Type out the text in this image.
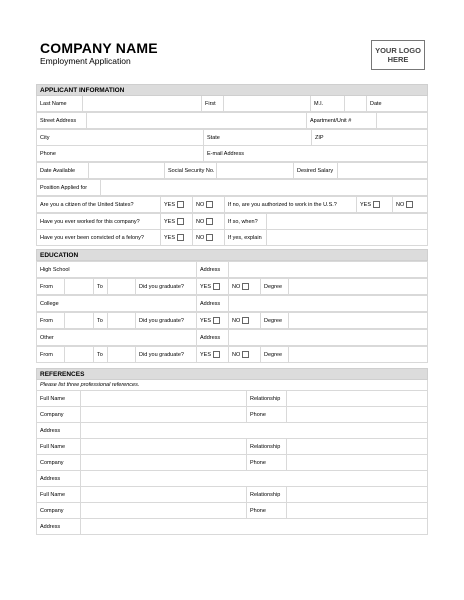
COMPANY NAME
Employment Application
YOUR LOGO
HERE
APPLICANT INFORMATION
Last Name		First		M.I.		Date
Street Address		Apartment/Unit #	
City	State	ZIP
Phone	E-mail Address	
Date Available		Social Security No.		Desired Salary	
Position Applied for	
Are you a citizen of the United States?	YES	NO	If no, are you authorized to work in the U.S.?	YES	NO
Have you ever worked for this company?	YES	NO	If so, when?	
Have you ever been convicted of a felony?	YES	NO	If yes, explain	

EDUCATION
High School	Address	
From		To		Did you graduate?	YES	NO	Degree	
College	Address	
From		To		Did you graduate?	YES	NO	Degree	
Other	Address	
From		To		Did you graduate?	YES	NO	Degree	

REFERENCES			
Please list three professional references.			
Full Name		Relationship	
Company		Phone	
Address			
Full Name		Relationship	
Company		Phone	
Address			
Full Name		Relationship	
Company		Phone	
Address			
